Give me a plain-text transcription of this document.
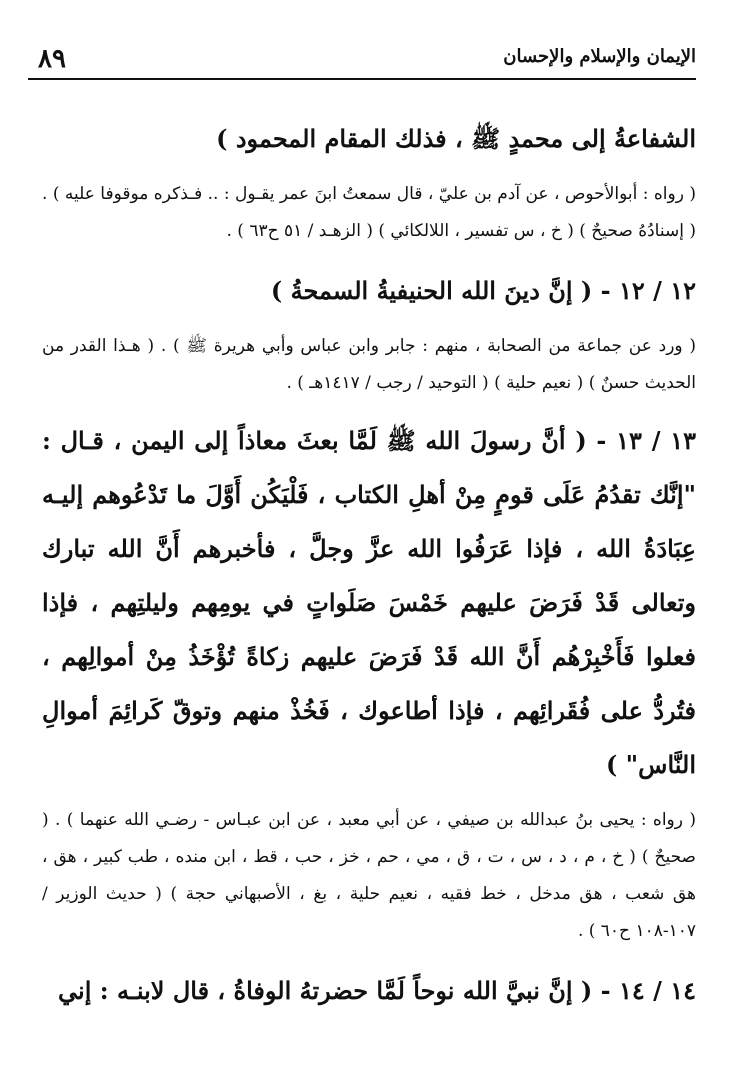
٨٩	الإيمان والإسلام والإحسان

الشفاعةُ إلى محمدٍ ﷺ ، فذلك المقام المحمود )

( رواه : أبوالأحوص ، عن آدم بن عليّ ، قال سمعتُ ابنَ عمر يقـول : .. فـذكره موقوفا عليه ) . ( إسنادُهُ صحيحٌ ) ( خ ، س تفسير ، اللالكائي ) ( الزهـد / ٥١ ح٦٣ ) .

١٢ / ١٢ - ( إنَّ دينَ الله الحنيفيةُ السمحةُ )

( ورد عن جماعة من الصحابة ، منهم : جابر وابن عباس وأبي هريرة ﷺ ) . ( هـذا القدر من الحديث حسنٌ ) ( نعيم حلية ) ( التوحيد / رجب / ١٤١٧هـ ) .

١٣ / ١٣ - ( أنَّ رسولَ الله ﷺ لَمَّا بعثَ معاذاً إلى اليمن ، قـال : "إنَّك تقدُمُ عَلَى قومٍ مِنْ أهلِ الكتاب ، فَلْيَكُن أَوَّلَ ما تَدْعُوهم إليـه عِبَادَةُ الله ، فإذا عَرَفُوا الله عزَّ وجلَّ ، فأخبرهم أَنَّ الله تبارك وتعالى قَدْ فَرَضَ عليهم خَمْسَ صَلَواتٍ في يومِهم وليلتِهم ، فإذا فعلوا فَأَخْبِرْهُم أَنَّ الله قَدْ فَرَضَ عليهم زكاةً تُؤْخَذُ مِنْ أموالِهم ، فتُردُّ على فُقَرائِهم ، فإذا أطاعوك ، فَخُذْ منهم وتوقّ كَرائِمَ أموالِ النَّاس" )

( رواه : يحيى بنُ عبدالله بن صيفي ، عن أبي معبد ، عن ابن عبـاس - رضـي الله عنهما ) . ( صحيحٌ ) ( خ ، م ، د ، س ، ت ، ق ، مي ، حم ، خز ، حب ، قط ، ابن منده ، طب كبير ، هق ، هق شعب ، هق مدخل ، خط فقيه ، نعيم حلية ، بغ ، الأصبهاني حجة ) ( حديث الوزير / ١٠٧-١٠٨ ح٦٠ ) .

١٤ / ١٤ - ( إنَّ نبيَّ الله نوحاً لَمَّا حضرتهُ الوفاةُ ، قال لابنـه : إني
